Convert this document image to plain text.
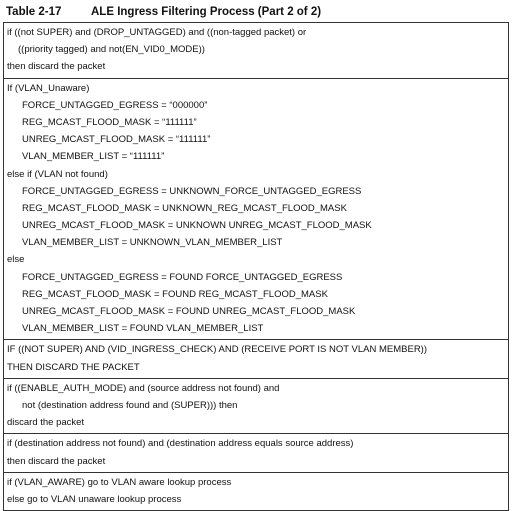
Table 2-17	ALE Ingress Filtering Process (Part 2 of 2)
if ((not SUPER) and (DROP_UNTAGGED) and ((non-tagged packet) or
((priority tagged) and not(EN_VID0_MODE))
then discard the packet
If (VLAN_Unaware)
FORCE_UNTAGGED_EGRESS = “000000”
REG_MCAST_FLOOD_MASK = “111111”
UNREG_MCAST_FLOOD_MASK = “111111”
VLAN_MEMBER_LIST = “111111”
else if (VLAN not found)
FORCE_UNTAGGED_EGRESS = UNKNOWN_FORCE_UNTAGGED_EGRESS
REG_MCAST_FLOOD_MASK = UNKNOWN_REG_MCAST_FLOOD_MASK
UNREG_MCAST_FLOOD_MASK = UNKNOWN UNREG_MCAST_FLOOD_MASK
VLAN_MEMBER_LIST = UNKNOWN_VLAN_MEMBER_LIST
else
FORCE_UNTAGGED_EGRESS = FOUND FORCE_UNTAGGED_EGRESS
REG_MCAST_FLOOD_MASK = FOUND REG_MCAST_FLOOD_MASK
UNREG_MCAST_FLOOD_MASK = FOUND UNREG_MCAST_FLOOD_MASK
VLAN_MEMBER_LIST = FOUND VLAN_MEMBER_LIST
IF ((NOT SUPER) AND (VID_INGRESS_CHECK) AND (RECEIVE PORT IS NOT VLAN MEMBER))
THEN DISCARD THE PACKET
if ((ENABLE_AUTH_MODE) and (source address not found) and
not (destination address found and (SUPER))) then
discard the packet
if (destination address not found) and (destination address equals source address)
then discard the packet
if (VLAN_AWARE) go to VLAN aware lookup process
else go to VLAN unaware lookup process
